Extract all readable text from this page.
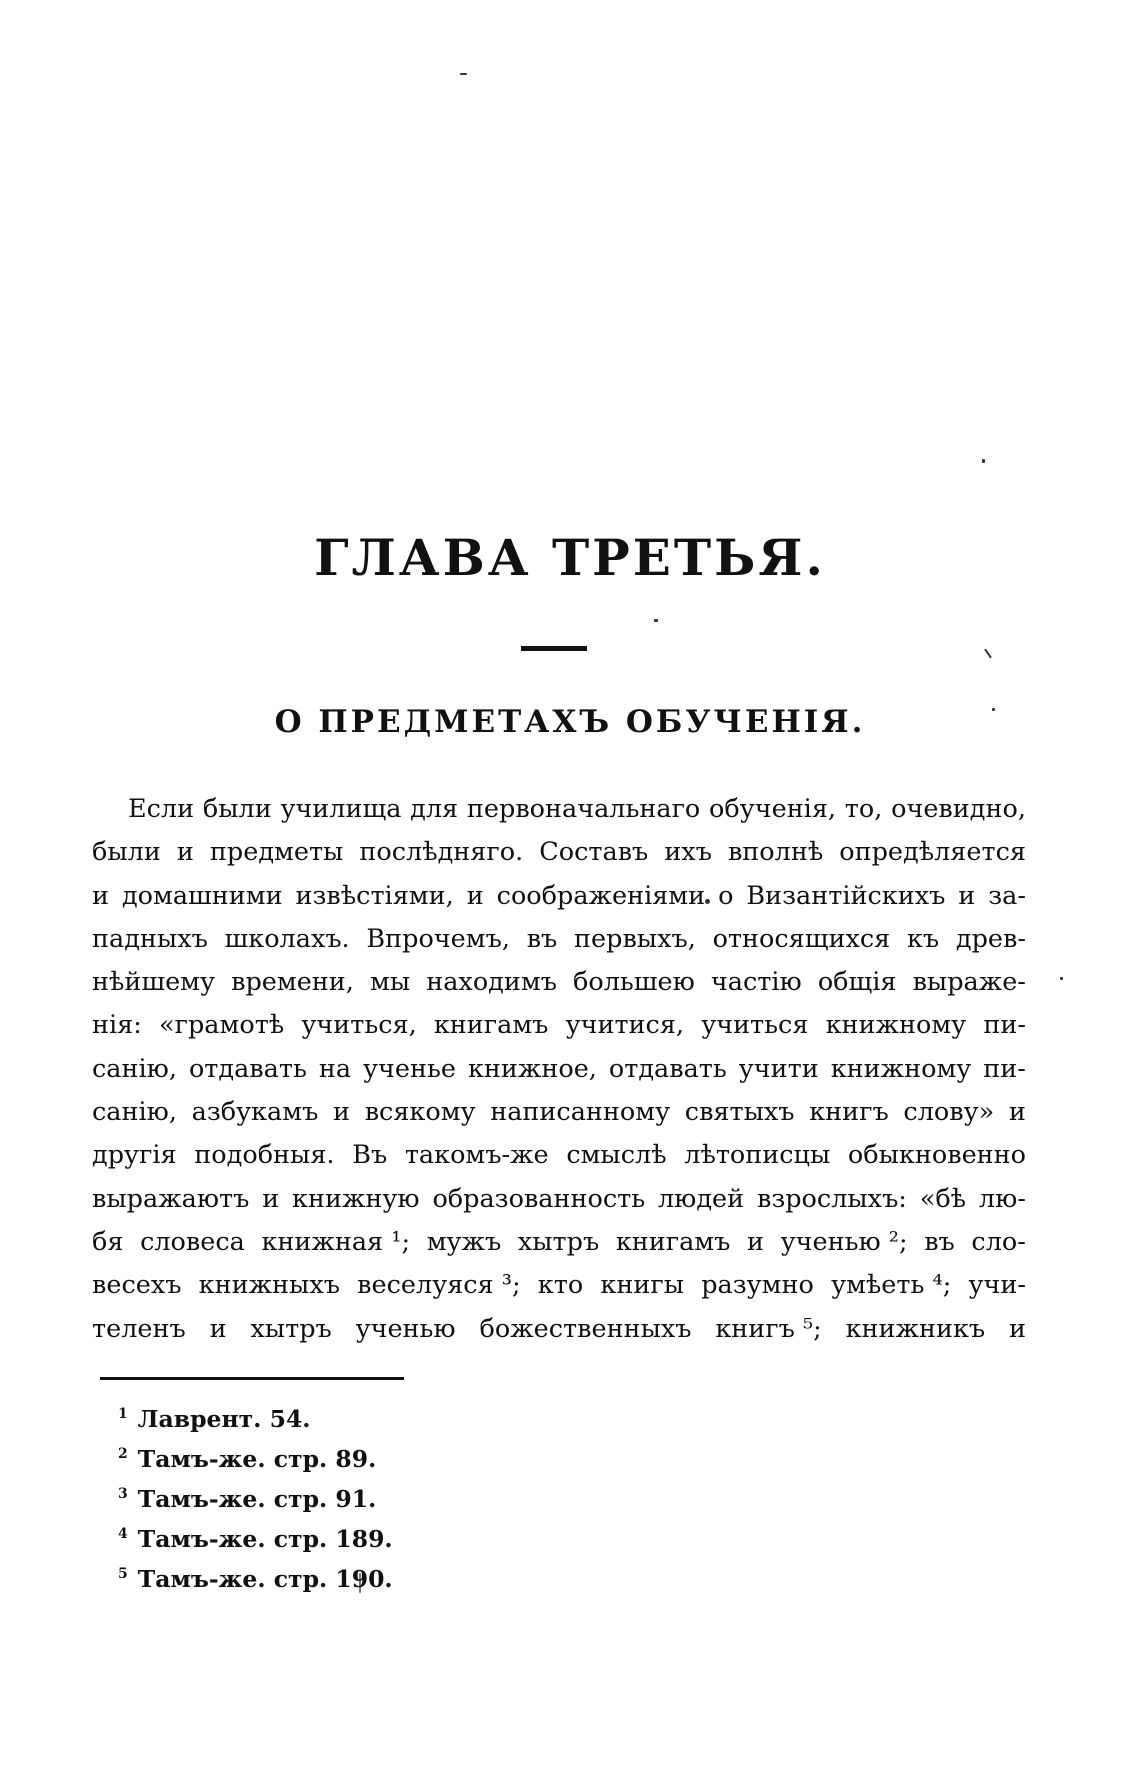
ГЛАВА ТРЕТЬЯ.
О ПРЕДМЕТАХЪ ОБУЧЕНІЯ.
Если были училища для первоначальнаго обученія, то, очевидно,
были и предметы послѣдняго. Составъ ихъ вполнѣ опредѣляется
и домашними извѣстіями, и соображеніями о Византійскихъ и за-
падныхъ школахъ. Впрочемъ, въ первыхъ, относящихся къ древ-
нѣйшему времени, мы находимъ большею частію общія выраже-
нія: «грамотѣ учиться, книгамъ учитися, учиться книжному пи-
санію, отдавать на ученье книжное, отдавать учити книжному пи-
санію, азбукамъ и всякому написанному святыхъ книгъ слову» и
другія подобныя. Въ такомъ-же смыслѣ лѣтописцы обыкновенно
выражаютъ и книжную образованность людей взрослыхъ: «бѣ лю-
бя словеса книжная ¹; мужъ хытръ книгамъ и ученью ²; въ сло-
весехъ книжныхъ веселуяся ³; кто книгы разумно умѣеть ⁴; учи-
теленъ и хытръ ученью божественныхъ книгъ ⁵; книжникъ и
$^1$ Лаврент. 54.
$^2$ Тамъ-же. стр. 89.
$^3$ Тамъ-же. стр. 91.
$^4$ Тамъ-же. стр. 189.
$^5$ Тамъ-же. стр. 190.
